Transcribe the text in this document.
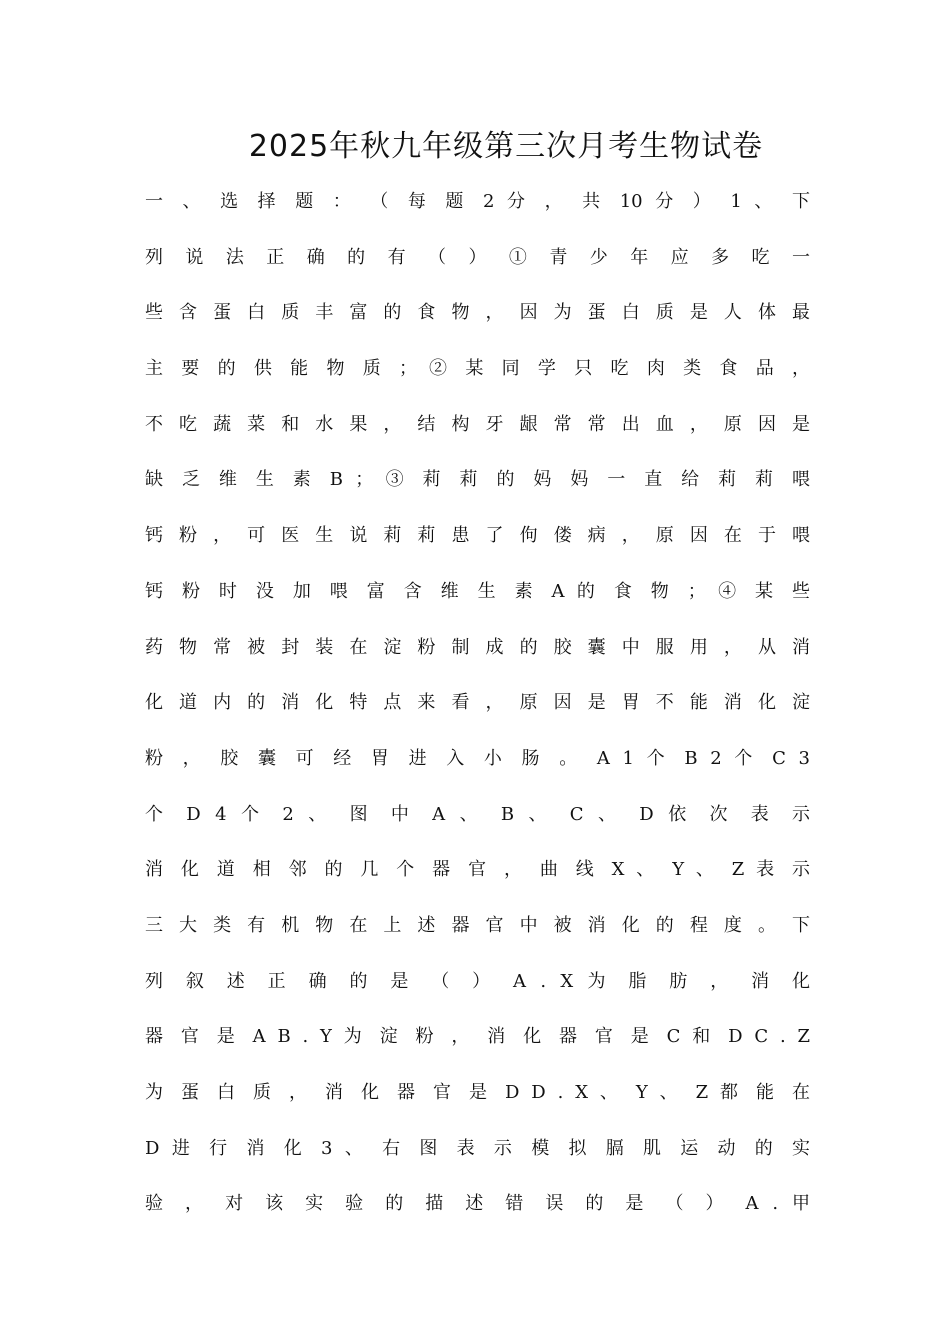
2025年秋九年级第三次月考生物试卷
一 、 选 择 题 ： （ 每 题 2 分 ， 共 10 分 ） 1 、 下
列 说 法 正 确 的 有 （ ） ① 青 少 年 应 多 吃 一
些 含 蛋 白 质 丰 富 的 食 物 ， 因 为 蛋 白 质 是 人 体 最
主 要 的 供 能 物 质 ； ② 某 同 学 只 吃 肉 类 食 品 ，
不 吃 蔬 菜 和 水 果 ， 结 构 牙 龈 常 常 出 血 ， 原 因 是
缺 乏 维 生 素 B ； ③ 莉 莉 的 妈 妈 一 直 给 莉 莉 喂
钙 粉 ， 可 医 生 说 莉 莉 患 了 佝 偻 病 ， 原 因 在 于 喂
钙 粉 时 没 加 喂 富 含 维 生 素 A 的 食 物 ； ④ 某 些
药 物 常 被 封 装 在 淀 粉 制 成 的 胶 囊 中 服 用 ， 从 消
化 道 内 的 消 化 特 点 来 看 ， 原 因 是 胃 不 能 消 化 淀
粉 ， 胶 囊 可 经 胃 进 入 小 肠 。 A 1 个 B 2 个 C 3
个 D 4 个 2 、 图 中 A 、 B 、 C 、 D 依 次 表 示
消 化 道 相 邻 的 几 个 器 官 ， 曲 线 X 、 Y 、 Z 表 示
三 大 类 有 机 物 在 上 述 器 官 中 被 消 化 的 程 度 。 下
列 叙 述 正 确 的 是 （ ） A . X 为 脂 肪 ， 消 化
器 官 是 A B . Y 为 淀 粉 ， 消 化 器 官 是 C 和 D C . Z
为 蛋 白 质 ， 消 化 器 官 是 D D . X 、 Y 、 Z 都 能 在
D 进 行 消 化 3 、 右 图 表 示 模 拟 膈 肌 运 动 的 实
验 ， 对 该 实 验 的 描 述 错 误 的 是 （ ） A . 甲
